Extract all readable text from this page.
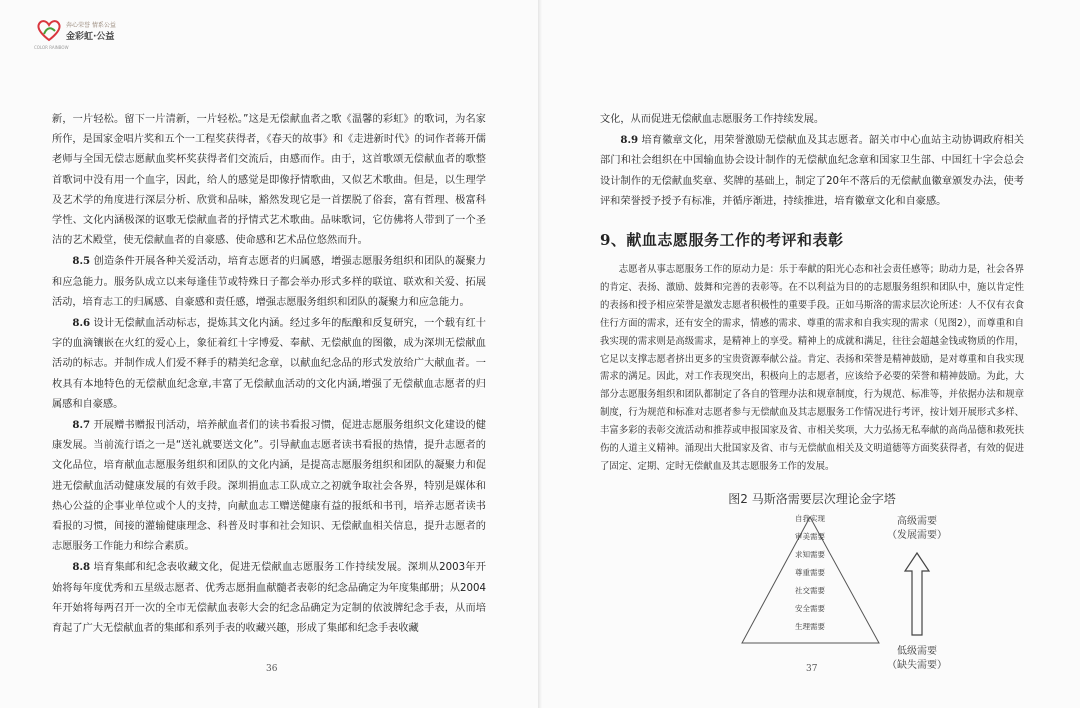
奔心荣誉 情系公益
金彩虹·公益
COLOR RAINBOW

新，一片轻松。留下一片清新，一片轻松。”这是无偿献血者之歌《温馨的彩虹》的歌词，为名家所作，是国家金唱片奖和五个一工程奖获得者，《春天的故事》和《走进新时代》的词作者蒋开儒老师与全国无偿志愿献血奖杯奖获得者们交流后，由感而作。由于，这首歌颂无偿献血者的歌整首歌词中没有用一个血字，因此，给人的感觉是即像抒情歌曲，又似艺术歌曲。但是，以生理学及艺术学的角度进行深层分析、欣赏和品味，豁然发现它是一首摆脱了俗套，富有哲理、极富科学性、文化内涵极深的讴歌无偿献血者的抒情式艺术歌曲。品味歌词，它仿佛将人带到了一个圣洁的艺术殿堂，使无偿献血者的自豪感、使命感和艺术品位悠然而升。

8.5 创造条件开展各种关爱活动，培育志愿者的归属感，增强志愿服务组织和团队的凝聚力和应急能力。服务队成立以来每逢佳节或特殊日子都会举办形式多样的联谊、联欢和关爱、拓展活动，培育志工的归属感、自豪感和责任感，增强志愿服务组织和团队的凝聚力和应急能力。

8.6 设计无偿献血活动标志，提炼其文化内涵。经过多年的酝酿和反复研究，一个载有红十字的血滴镶嵌在火红的爱心上，象征着红十字博爱、奉献、无偿献血的图徽，成为深圳无偿献血活动的标志。并制作成人们爱不释手的精美纪念章，以献血纪念品的形式发放给广大献血者。一枚具有本地特色的无偿献血纪念章,丰富了无偿献血活动的文化内涵,增强了无偿献血志愿者的归属感和自豪感。

8.7 开展赠书赠报刊活动，培养献血者们的读书看报习惯，促进志愿服务组织文化建设的健康发展。当前流行语之一是“送礼就要送文化”。引导献血志愿者读书看报的热情，提升志愿者的文化品位，培育献血志愿服务组织和团队的文化内涵，是提高志愿服务组织和团队的凝聚力和促进无偿献血活动健康发展的有效手段。深圳捐血志工队成立之初就争取社会各界，特别是媒体和热心公益的企事业单位或个人的支持，向献血志工赠送健康有益的报纸和书刊，培养志愿者读书看报的习惯，间接的灌输健康理念、科普及时事和社会知识、无偿献血相关信息，提升志愿者的志愿服务工作能力和综合素质。

8.8 培育集邮和纪念表收藏文化，促进无偿献血志愿服务工作持续发展。深圳从2003年开始将每年度优秀和五星级志愿者、优秀志愿捐血献髓者表彰的纪念品确定为年度集邮册；从2004年开始将每两召开一次的全市无偿献血表彰大会的纪念品确定为定制的依波牌纪念手表，从而培育起了广大无偿献血者的集邮和系列手表的收藏兴趣，形成了集邮和纪念手表收藏

36

文化，从而促进无偿献血志愿服务工作持续发展。

8.9 培育徽章文化，用荣誉激励无偿献血及其志愿者。韶关市中心血站主动协调政府相关部门和社会组织在中国输血协会设计制作的无偿献血纪念章和国家卫生部、中国红十字会总会设计制作的无偿献血奖章、奖牌的基础上，制定了20年不落后的无偿献血徽章颁发办法，使考评和荣誉授予授予有标准，并循序渐进，持续推进，培育徽章文化和自豪感。

9、献血志愿服务工作的考评和表彰

志愿者从事志愿服务工作的原动力是：乐于奉献的阳光心态和社会责任感等；助动力是，社会各界的肯定、表扬、激励、鼓舞和完善的表彰等。在不以利益为目的的志愿服务组织和团队中，施以肯定性的表扬和授予相应荣誉是激发志愿者积极性的重要手段。正如马斯洛的需求层次论所述：人不仅有衣食住行方面的需求，还有安全的需求，情感的需求、尊重的需求和自我实现的需求（见图2），而尊重和自我实现的需求则是高级需求，是精神上的享受。精神上的成就和满足，往往会超越金钱或物质的作用，它足以支撑志愿者挤出更多的宝贵资源奉献公益。肯定、表扬和荣誉是精神鼓励，是对尊重和自我实现需求的满足。因此，对工作表现突出，积极向上的志愿者，应该给予必要的荣誉和精神鼓励。为此，大部分志愿服务组织和团队都制定了各自的管理办法和规章制度，行为规范、标准等，并依据办法和规章制度，行为规范和标准对志愿者参与无偿献血及其志愿服务工作情况进行考评，按计划开展形式多样、丰富多彩的表彰交流活动和推荐或申报国家及省、市相关奖项，大力弘扬无私奉献的高尚品德和救死扶伤的人道主义精神。涌现出大批国家及省、市与无偿献血相关及文明道德等方面奖获得者，有效的促进了固定、定期、定时无偿献血及其志愿服务工作的发展。

图2 马斯洛需要层次理论金字塔
自我实现
审美需要
求知需要
尊重需要
社交需要
安全需要
生理需要
高级需要
（发展需要）
低级需要
（缺失需要）
37
